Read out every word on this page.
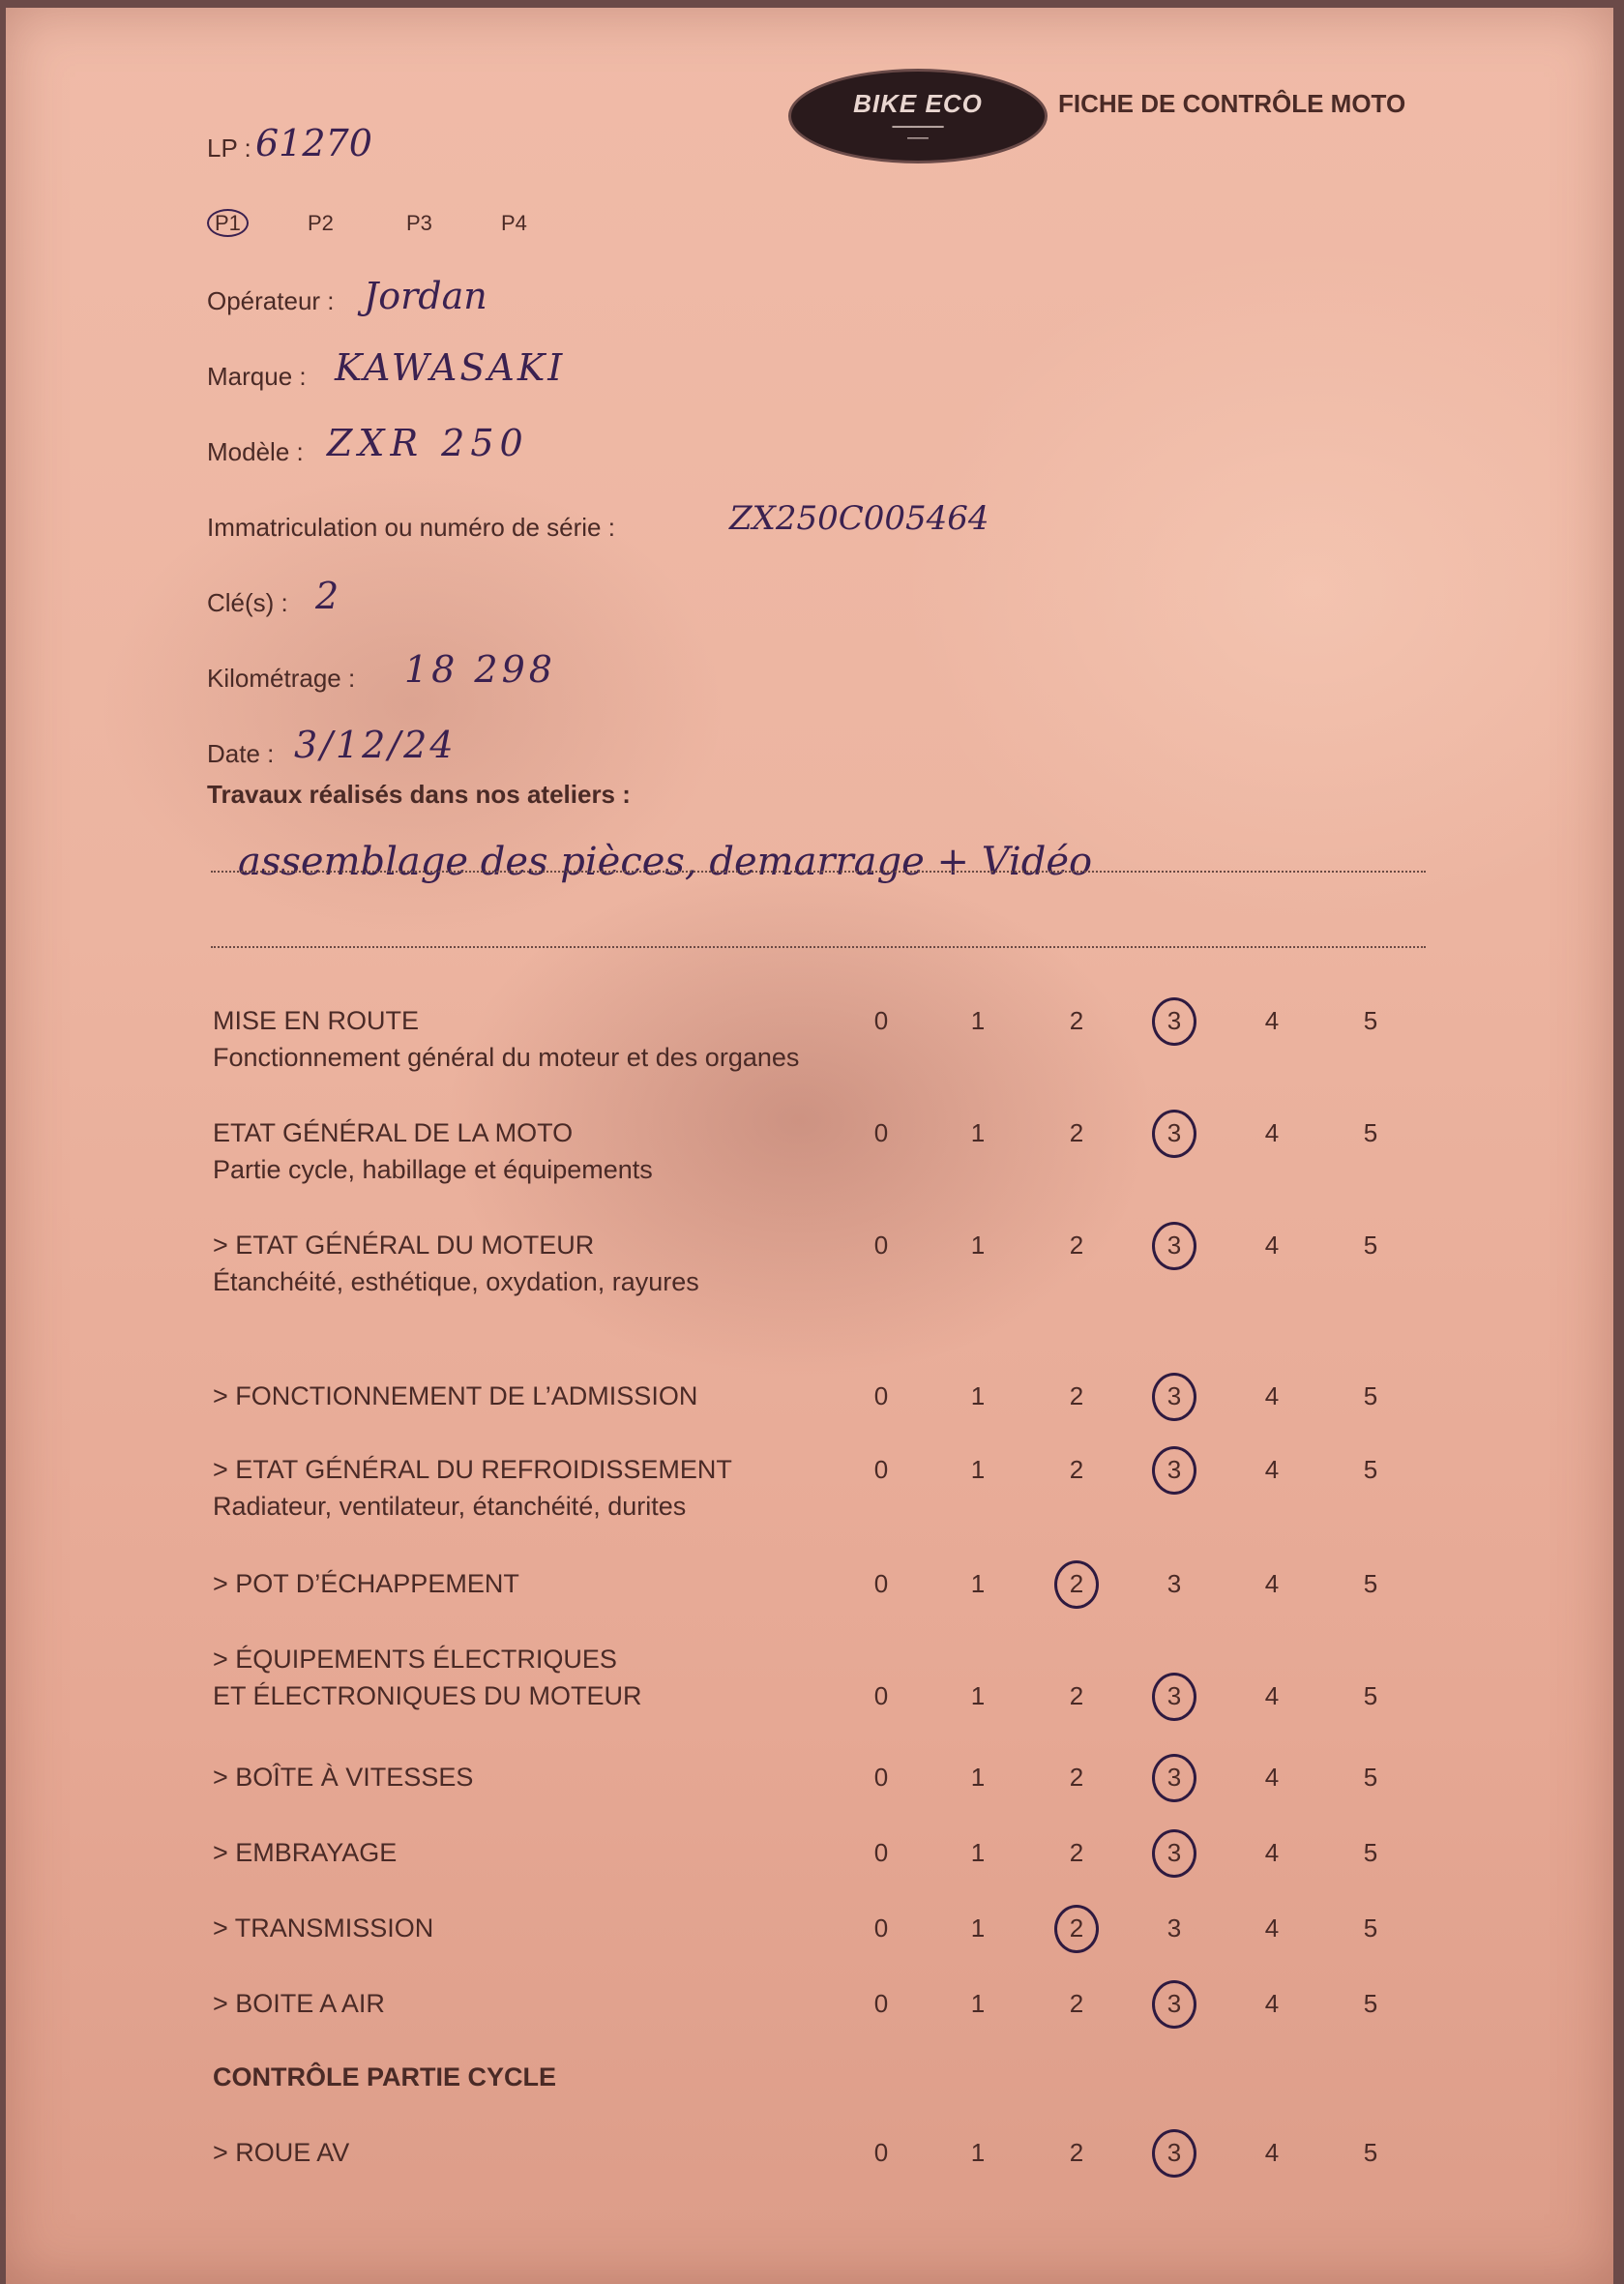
BIKE ECO
━━━━━━━━
━━━━
FICHE DE CONTRÔLE MOTO
LP : 61270
P1	P2	P3	P4
Opérateur : Jordan
Marque : KAWASAKI
Modèle : ZXR 250
Immatriculation ou numéro de série :	ZX250C005464
Clé(s) : 2
Kilométrage : 18 298
Date : 3/12/24
Travaux réalisés dans nos ateliers :
assemblage des pièces, demarrage + Vidéo
MISE EN ROUTE
Fonctionnement général du moteur et des organes
0	1	2	3	4	5
ETAT GÉNÉRAL DE LA MOTO
Partie cycle, habillage et équipements
0	1	2	3	4	5
> ETAT GÉNÉRAL DU MOTEUR
Étanchéité, esthétique, oxydation, rayures
0	1	2	3	4	5
> FONCTIONNEMENT DE L’ADMISSION	0	1	2	3	4	5
> ETAT GÉNÉRAL DU REFROIDISSEMENT
Radiateur, ventilateur, étanchéité, durites
0	1	2	3	4	5
> POT D’ÉCHAPPEMENT	0	1	2	3	4	5
> ÉQUIPEMENTS ÉLECTRIQUES
ET ÉLECTRONIQUES DU MOTEUR	0	1	2	3	4	5
> BOÎTE À VITESSES	0	1	2	3	4	5
> EMBRAYAGE	0	1	2	3	4	5
> TRANSMISSION	0	1	2	3	4	5
> BOITE A AIR	0	1	2	3	4	5
CONTRÔLE PARTIE CYCLE
> ROUE AV	0	1	2	3	4	5
